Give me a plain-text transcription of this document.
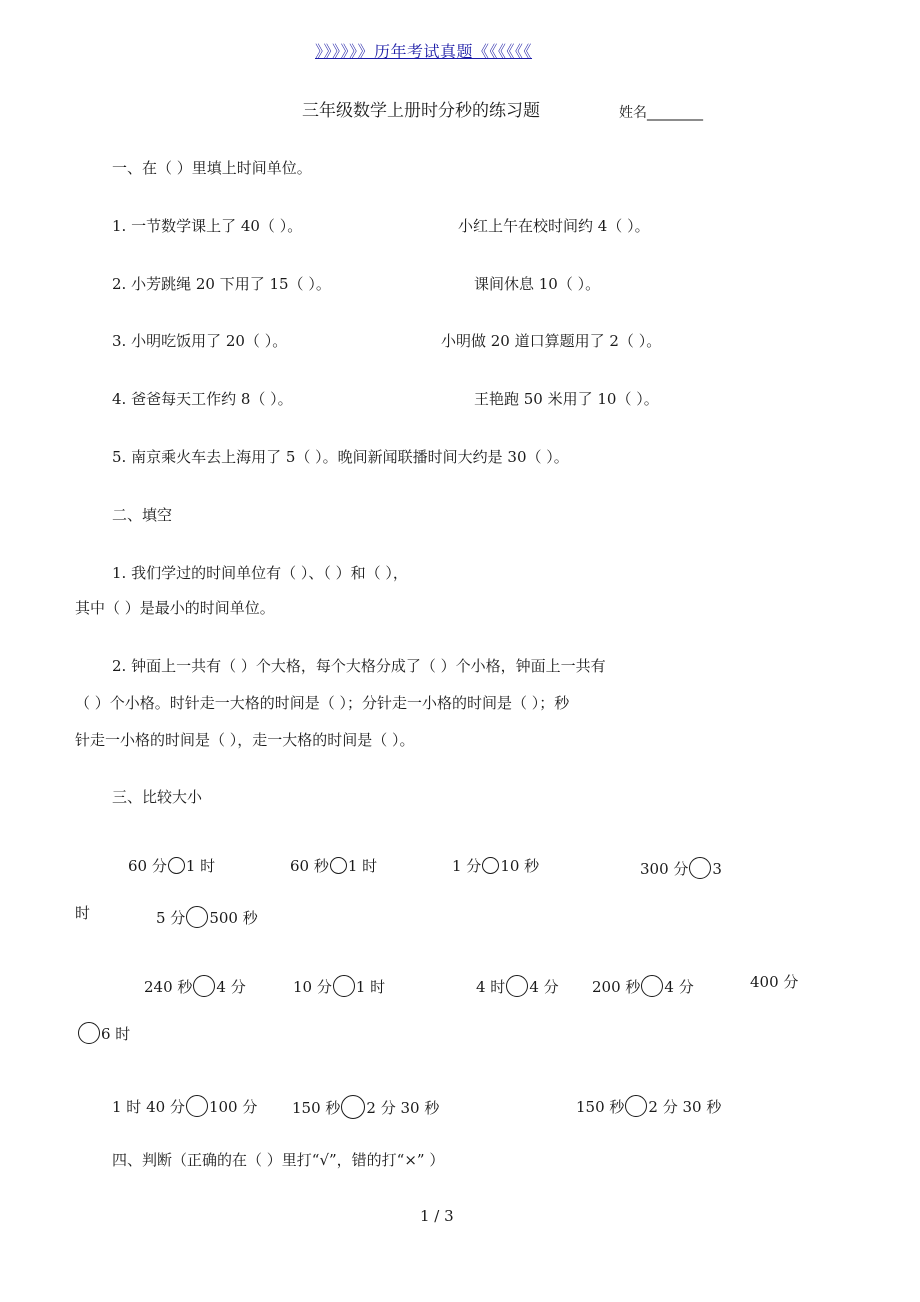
》》》》》》历年考试真题《《《《《《
三年级数学上册时分秒的练习题	姓名________
一、在（ ）里填上时间单位。
1. 一节数学课上了 40（ ）。	小红上午在校时间约 4（ ）。
2. 小芳跳绳 20 下用了 15（ ）。	课间休息 10（ ）。
3. 小明吃饭用了 20（ ）。	小明做 20 道口算题用了 2（ ）。
4. 爸爸每天工作约 8（ ）。	王艳跑 50 米用了 10（ ）。
5. 南京乘火车去上海用了 5（ ）。晚间新闻联播时间大约是 30（ ）。
二、填空
1. 我们学过的时间单位有（ ）、（ ）和（ ），
其中（ ）是最小的时间单位。
2. 钟面上一共有（ ）个大格，每个大格分成了（ ）个小格，钟面上一共有
（ ）个小格。时针走一大格的时间是（ ）；分针走一小格的时间是（ ）；秒
针走一小格的时间是（ ），走一大格的时间是（ ）。
三、比较大小
60 分 1 时	60 秒 1 时	1 分 10 秒	300 分 3
时	5 分 500 秒
240 秒 4 分	10 分 1 时	4 时 4 分 200 秒 4 分	400 分
6 时
1 时 40 分 100 分 150 秒 2 分 30 秒	150 秒 2 分 30 秒
四、判断（正确的在（ ）里打“√”，错的打“×” ）
1 / 3
